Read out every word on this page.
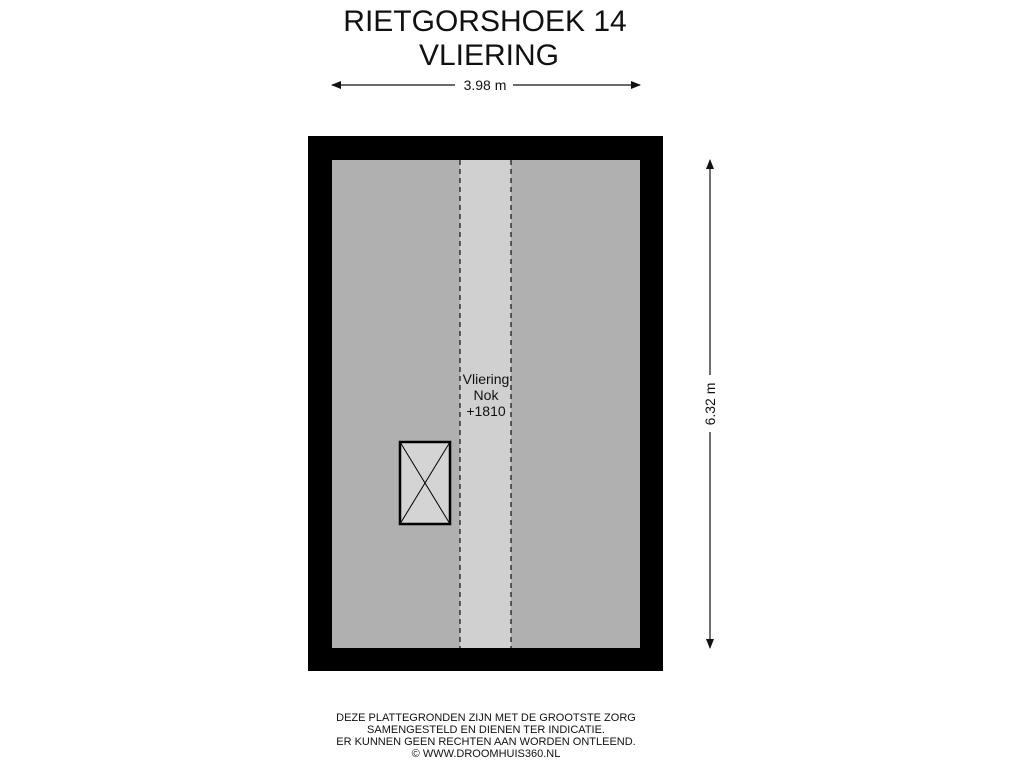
RIETGORSHOEK 14
VLIERING
3.98 m
6.32 m
Vliering
Nok
+1810
DEZE PLATTEGRONDEN ZIJN MET DE GROOTSTE ZORG
SAMENGESTELD EN DIENEN TER INDICATIE.
ER KUNNEN GEEN RECHTEN AAN WORDEN ONTLEEND.
© WWW.DROOMHUIS360.NL
